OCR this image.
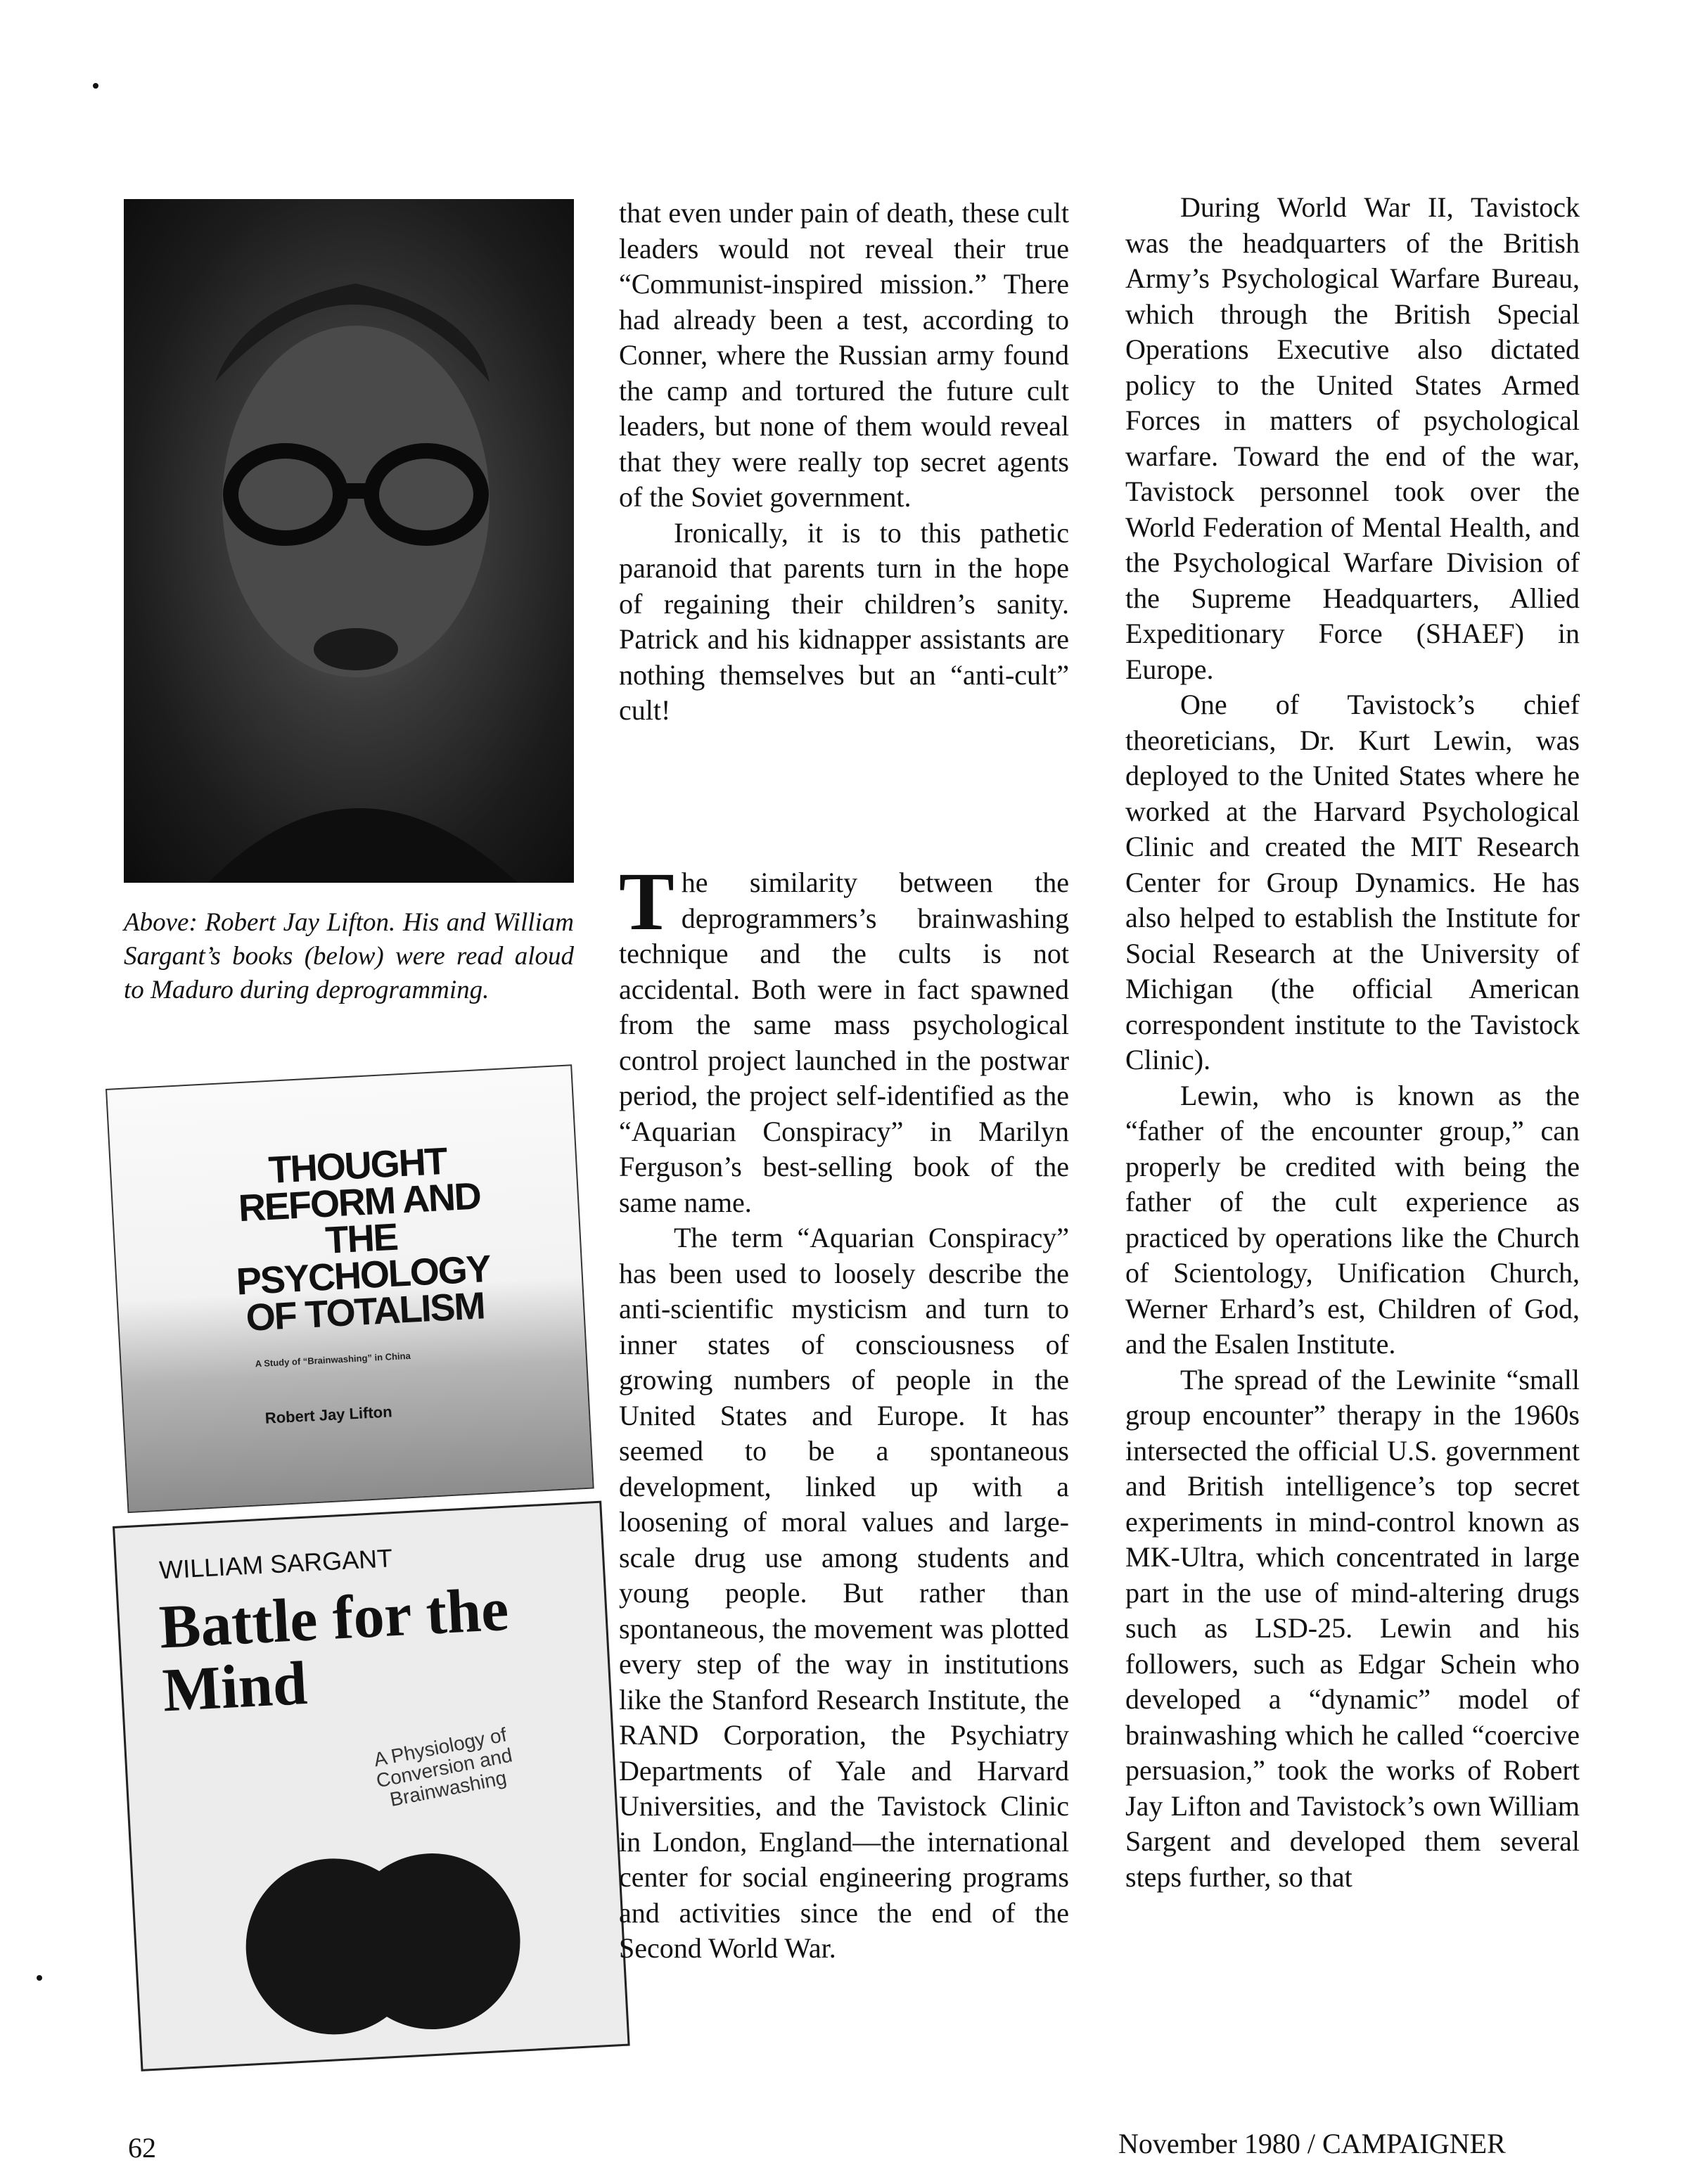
Above: Robert Jay Lifton. His and William Sargant’s books (below) were read aloud to Maduro during deprogramming.
THOUGHT REFORM AND THE PSYCHOLOGY OF TOTALISM
A Study of “Brainwashing” in China
Robert Jay Lifton
WILLIAM SARGANT
Battle for the Mind
A Physiology of Conversion and Brainwashing

that even under pain of death, these cult leaders would not reveal their true “Communist-inspired mission.” There had already been a test, according to Conner, where the Russian army found the camp and tortured the future cult leaders, but none of them would reveal that they were really top secret agents of the Soviet government.

Ironically, it is to this pathetic paranoid that parents turn in the hope of regaining their children’s sanity. Patrick and his kidnapper assistants are nothing themselves but an “anti-cult” cult!

The similarity between the deprogrammers’s brainwashing technique and the cults is not accidental. Both were in fact spawned from the same mass psychological control project launched in the postwar period, the project self-identified as the “Aquarian Conspiracy” in Marilyn Ferguson’s best-selling book of the same name.

The term “Aquarian Conspiracy” has been used to loosely describe the anti-scientific mysticism and turn to inner states of consciousness of growing numbers of people in the United States and Europe. It has seemed to be a spontaneous development, linked up with a loosening of moral values and large-scale drug use among students and young people. But rather than spontaneous, the movement was plotted every step of the way in institutions like the Stanford Research Institute, the RAND Corporation, the Psychiatry Departments of Yale and Harvard Universities, and the Tavistock Clinic in London, England—the international center for social engineering programs and activities since the end of the Second World War.

During World War II, Tavistock was the headquarters of the British Army’s Psychological Warfare Bureau, which through the British Special Operations Executive also dictated policy to the United States Armed Forces in matters of psychological warfare. Toward the end of the war, Tavistock personnel took over the World Federation of Mental Health, and the Psychological Warfare Division of the Supreme Headquarters, Allied Expeditionary Force (SHAEF) in Europe.

One of Tavistock’s chief theoreticians, Dr. Kurt Lewin, was deployed to the United States where he worked at the Harvard Psychological Clinic and created the MIT Research Center for Group Dynamics. He has also helped to establish the Institute for Social Research at the University of Michigan (the official American correspondent institute to the Tavistock Clinic).

Lewin, who is known as the “father of the encounter group,” can properly be credited with being the father of the cult experience as practiced by operations like the Church of Scientology, Unification Church, Werner Erhard’s est, Children of God, and the Esalen Institute.

The spread of the Lewinite “small group encounter” therapy in the 1960s intersected the official U.S. government and British intelligence’s top secret experiments in mind-control known as MK-Ultra, which concentrated in large part in the use of mind-altering drugs such as LSD-25. Lewin and his followers, such as Edgar Schein who developed a “dynamic” model of brainwashing which he called “coercive persuasion,” took the works of Robert Jay Lifton and Tavistock’s own William Sargent and developed them several steps further, so that

62	November 1980 / CAMPAIGNER
